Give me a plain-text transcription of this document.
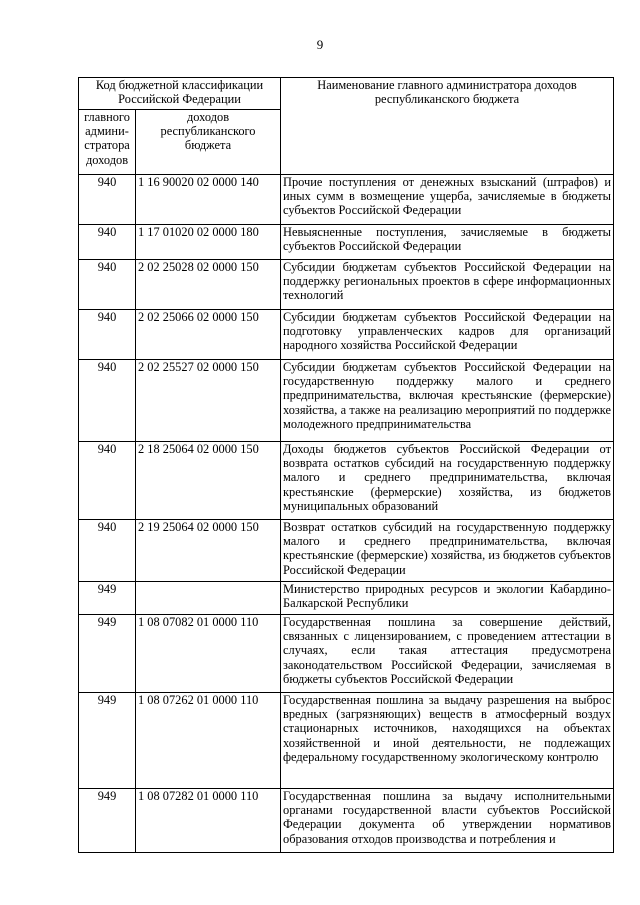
9
Код бюджетной классификации Российской Федерации		Наименование главного администратора доходов республиканского бюджета
главного админи-стратора доходов	доходов республиканского бюджета	
940	1 16 90020 02 0000 140	Прочие поступления от денежных взысканий (штрафов) и иных сумм в возмещение ущерба, зачисляемые в бюджеты субъектов Российской Федерации
940	1 17 01020 02 0000 180	Невыясненные поступления, зачисляемые в бюджеты субъектов Российской Федерации
940	2 02 25028 02 0000 150	Субсидии бюджетам субъектов Российской Федерации на поддержку региональных проектов в сфере информационных технологий
940	2 02 25066 02 0000 150	Субсидии бюджетам субъектов Российской Федерации на подготовку управленческих кадров для организаций народного хозяйства Российской Федерации
940	2 02 25527 02 0000 150	Субсидии бюджетам субъектов Российской Федерации на государственную поддержку малого и среднего предпринимательства, включая крестьянские (фермерские) хозяйства, а также на реализацию мероприятий по поддержке молодежного предпринимательства
940	2 18 25064 02 0000 150	Доходы бюджетов субъектов Российской Федерации от возврата остатков субсидий на государственную поддержку малого и среднего предпринимательства, включая крестьянские (фермерские) хозяйства, из бюджетов муниципальных образований
940	2 19 25064 02 0000 150	Возврат остатков субсидий на государственную поддержку малого и среднего предпринимательства, включая крестьянские (фермерские) хозяйства, из бюджетов субъектов Российской Федерации
949		Министерство природных ресурсов и экологии Кабардино-Балкарской Республики
949	1 08 07082 01 0000 110	Государственная пошлина за совершение действий, связанных с лицензированием, с проведением аттестации в случаях, если такая аттестация предусмотрена законодательством Российской Федерации, зачисляемая в бюджеты субъектов Российской Федерации
949	1 08 07262 01 0000 110	Государственная пошлина за выдачу разрешения на выброс вредных (загрязняющих) веществ в атмосферный воздух стационарных источников, находящихся на объектах хозяйственной и иной деятельности, не подлежащих федеральному государственному экологическому контролю
949	1 08 07282 01 0000 110	Государственная пошлина за выдачу исполнительными органами государственной власти субъектов Российской Федерации документа об утверждении нормативов образования отходов производства и потребления и
